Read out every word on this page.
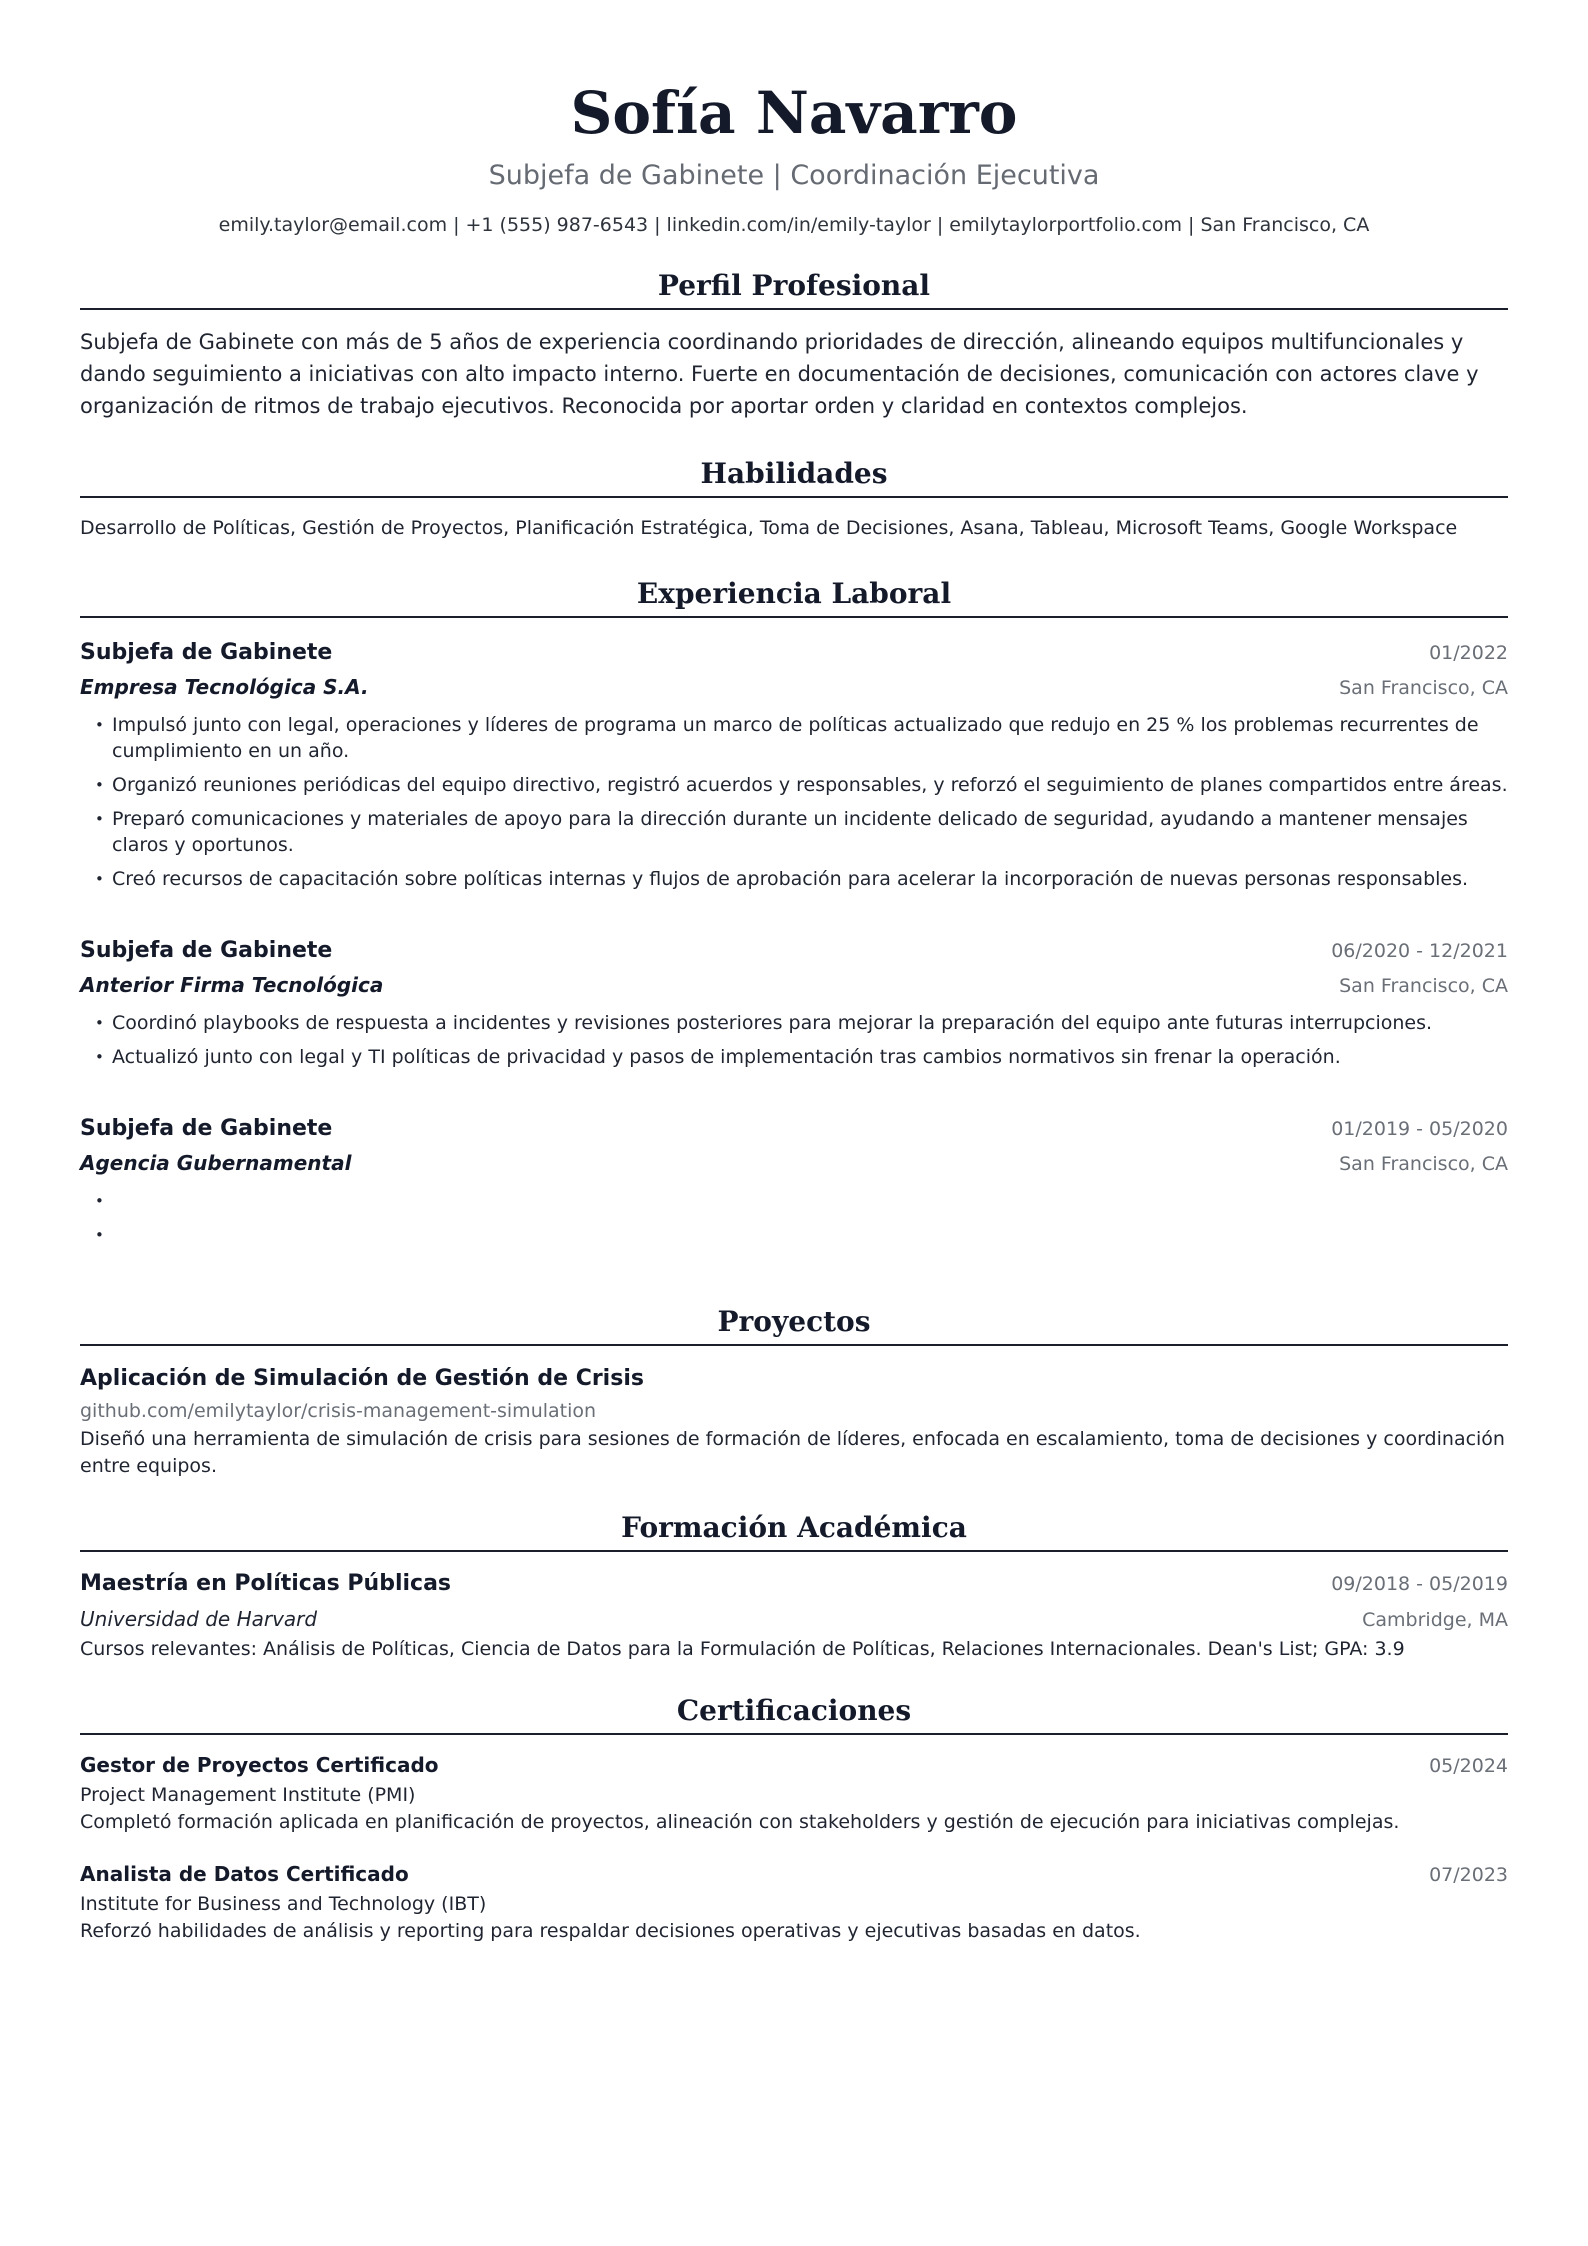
Sofía Navarro
Subjefa de Gabinete | Coordinación Ejecutiva
emily.taylor@email.com | +1 (555) 987-6543 | linkedin.com/in/emily-taylor | emilytaylorportfolio.com | San Francisco, CA
Perfil Profesional
Subjefa de Gabinete con más de 5 años de experiencia coordinando prioridades de dirección, alineando equipos multifuncionales y dando seguimiento a iniciativas con alto impacto interno. Fuerte en documentación de decisiones, comunicación con actores clave y organización de ritmos de trabajo ejecutivos. Reconocida por aportar orden y claridad en contextos complejos.
Habilidades
Desarrollo de Políticas, Gestión de Proyectos, Planificación Estratégica, Toma de Decisiones, Asana, Tableau, Microsoft Teams, Google Workspace
Experiencia Laboral
Subjefa de Gabinete	01/2022
Empresa Tecnológica S.A.	San Francisco, CA
• Impulsó junto con legal, operaciones y líderes de programa un marco de políticas actualizado que redujo en 25 % los problemas recurrentes de cumplimiento en un año.
• Organizó reuniones periódicas del equipo directivo, registró acuerdos y responsables, y reforzó el seguimiento de planes compartidos entre áreas.
• Preparó comunicaciones y materiales de apoyo para la dirección durante un incidente delicado de seguridad, ayudando a mantener mensajes claros y oportunos.
• Creó recursos de capacitación sobre políticas internas y flujos de aprobación para acelerar la incorporación de nuevas personas responsables.
Subjefa de Gabinete	06/2020 - 12/2021
Anterior Firma Tecnológica	San Francisco, CA
• Coordinó playbooks de respuesta a incidentes y revisiones posteriores para mejorar la preparación del equipo ante futuras interrupciones.
• Actualizó junto con legal y TI políticas de privacidad y pasos de implementación tras cambios normativos sin frenar la operación.
Subjefa de Gabinete	01/2019 - 05/2020
Agencia Gubernamental	San Francisco, CA
•
•
Proyectos
Aplicación de Simulación de Gestión de Crisis
github.com/emilytaylor/crisis-management-simulation
Diseñó una herramienta de simulación de crisis para sesiones de formación de líderes, enfocada en escalamiento, toma de decisiones y coordinación entre equipos.
Formación Académica
Maestría en Políticas Públicas	09/2018 - 05/2019
Universidad de Harvard	Cambridge, MA
Cursos relevantes: Análisis de Políticas, Ciencia de Datos para la Formulación de Políticas, Relaciones Internacionales. Dean's List; GPA: 3.9
Certificaciones
Gestor de Proyectos Certificado	05/2024
Project Management Institute (PMI)
Completó formación aplicada en planificación de proyectos, alineación con stakeholders y gestión de ejecución para iniciativas complejas.
Analista de Datos Certificado	07/2023
Institute for Business and Technology (IBT)
Reforzó habilidades de análisis y reporting para respaldar decisiones operativas y ejecutivas basadas en datos.
